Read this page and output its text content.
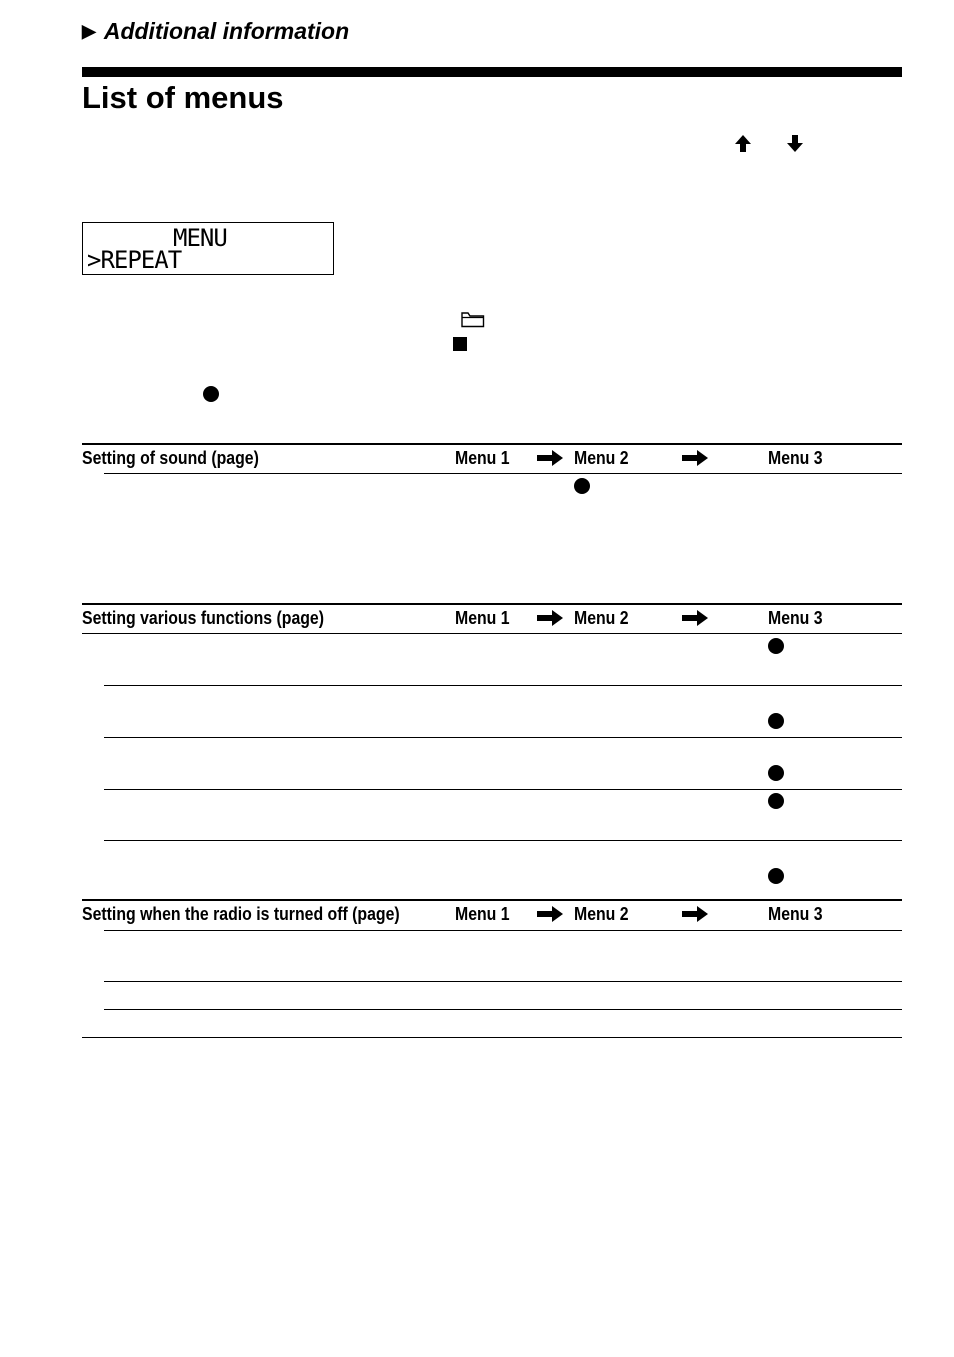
▶ Additional information
List of menus
MENU
>REPEAT
Setting of sound (page)	Menu 1	Menu 2	Menu 3
Setting various functions (page)	Menu 1	Menu 2	Menu 3
Setting when the radio is turned off (page)	Menu 1	Menu 2	Menu 3
